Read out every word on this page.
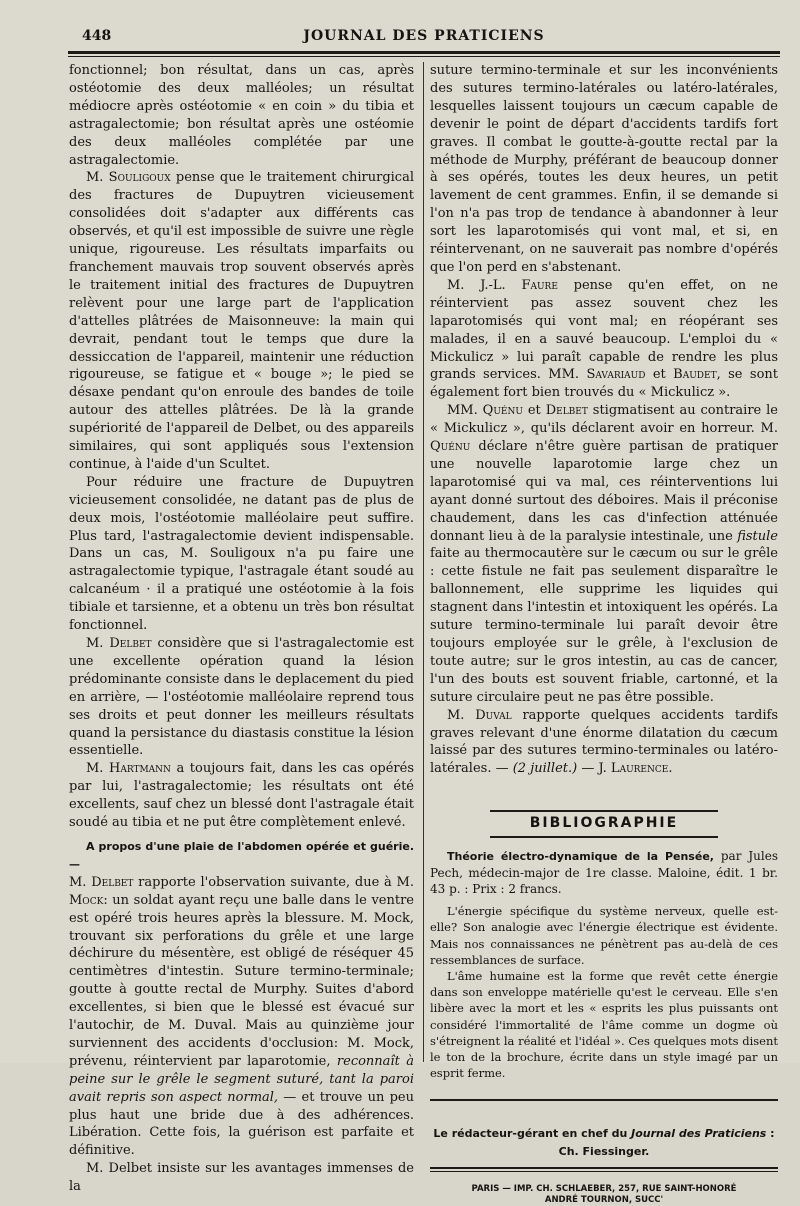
448	JOURNAL DES PRATICIENS

fonctionnel; bon résultat, dans un cas, après ostéotomie des deux malléoles; un résultat médiocre après ostéotomie « en coin » du tibia et astragalectomie; bon résultat après une ostéomie des deux malléoles complétée par une astragalectomie.

M. Souligoux pense que le traitement chirurgical des fractures de Dupuytren vicieusement consolidées doit s'adapter aux différents cas observés, et qu'il est impossible de suivre une règle unique, rigoureuse. Les résultats imparfaits ou franchement mauvais trop souvent observés après le traitement initial des fractures de Dupuytren relèvent pour une large part de l'application d'attelles plâtrées de Maisonneuve: la main qui devrait, pendant tout le temps que dure la dessiccation de l'appareil, maintenir une réduction rigoureuse, se fatigue et « bouge »; le pied se désaxe pendant qu'on enroule des bandes de toile autour des attelles plâtrées. De là la grande supériorité de l'appareil de Delbet, ou des appareils similaires, qui sont appliqués sous l'extension continue, à l'aide d'un Scultet.

Pour réduire une fracture de Dupuytren vicieusement consolidée, ne datant pas de plus de deux mois, l'ostéotomie malléolaire peut suffire. Plus tard, l'astragalectomie devient indispensable. Dans un cas, M. Souligoux n'a pu faire une astragalectomie typique, l'astragale étant soudé au calcanéum · il a pratiqué une ostéotomie à la fois tibiale et tarsienne, et a obtenu un très bon résultat fonctionnel.

M. Delbet considère que si l'astragalectomie est une excellente opération quand la lésion prédominante consiste dans le deplacement du pied en arrière, — l'ostéotomie malléolaire reprend tous ses droits et peut donner les meilleurs résultats quand la persistance du diastasis constitue la lésion essentielle.

M. Hartmann a toujours fait, dans les cas opérés par lui, l'astragalectomie; les résultats ont été excellents, sauf chez un blessé dont l'astragale était soudé au tibia et ne put être complètement enlevé.

A propos d'une plaie de l'abdomen opérée et guérie. —

M. Delbet rapporte l'observation suivante, due à M. Mock: un soldat ayant reçu une balle dans le ventre est opéré trois heures après la blessure. M. Mock, trouvant six perforations du grêle et une large déchirure du mésentère, est obligé de réséquer 45 centimètres d'intestin. Suture termino-terminale; goutte à goutte rectal de Murphy. Suites d'abord excellentes, si bien que le blessé est évacué sur l'autochir, de M. Duval. Mais au quinzième jour surviennent des accidents d'occlusion: M. Mock, prévenu, réintervient par laparotomie, reconnaît à peine sur le grêle le segment suturé, tant la paroi avait repris son aspect normal, — et trouve un peu plus haut une bride due à des adhérences. Libération. Cette fois, la guérison est parfaite et définitive.

M. Delbet insiste sur les avantages immenses de la

suture termino-terminale et sur les inconvénients des sutures termino-latérales ou latéro-latérales, lesquelles laissent toujours un cæcum capable de devenir le point de départ d'accidents tardifs fort graves. Il combat le goutte-à-goutte rectal par la méthode de Murphy, préférant de beaucoup donner à ses opérés, toutes les deux heures, un petit lavement de cent grammes. Enfin, il se demande si l'on n'a pas trop de tendance à abandonner à leur sort les laparotomisés qui vont mal, et si, en réintervenant, on ne sauverait pas nombre d'opérés que l'on perd en s'abstenant.

M. J.-L. Faure pense qu'en effet, on ne réintervient pas assez souvent chez les laparotomisés qui vont mal; en réopérant ses malades, il en a sauvé beaucoup. L'emploi du « Mickulicz » lui paraît capable de rendre les plus grands services. MM. Savariaud et Baudet, se sont également fort bien trouvés du « Mickulicz ».

MM. Quénu et Delbet stigmatisent au contraire le « Mickulicz », qu'ils déclarent avoir en horreur. M. Quénu déclare n'être guère partisan de pratiquer une nouvelle laparotomie large chez un laparotomisé qui va mal, ces réinterventions lui ayant donné surtout des déboires. Mais il préconise chaudement, dans les cas d'infection atténuée donnant lieu à de la paralysie intestinale, une fistule faite au thermocautère sur le cæcum ou sur le grêle : cette fistule ne fait pas seulement disparaître le ballonnement, elle supprime les liquides qui stagnent dans l'intestin et intoxiquent les opérés. La suture termino-terminale lui paraît devoir être toujours employée sur le grêle, à l'exclusion de toute autre; sur le gros intestin, au cas de cancer, l'un des bouts est souvent friable, cartonné, et la suture circulaire peut ne pas être possible.

M. Duval rapporte quelques accidents tardifs graves relevant d'une énorme dilatation du cæcum laissé par des sutures termino-terminales ou latéro-latérales. — (2 juillet.) — J. Laurence.

BIBLIOGRAPHIE

Théorie électro-dynamique de la Pensée, par Jules Pech, médecin-major de 1re classe. Maloine, édit. 1 br. 43 p. : Prix : 2 francs.

L'énergie spécifique du système nerveux, quelle est-elle? Son analogie avec l'énergie électrique est évidente. Mais nos connaissances ne pénètrent pas au-delà de ces ressemblances de surface.

L'âme humaine est la forme que revêt cette énergie dans son enveloppe matérielle qu'est le cerveau. Elle s'en libère avec la mort et les « esprits les plus puissants ont considéré l'immortalité de l'âme comme un dogme où s'étreignent la réalité et l'idéal ». Ces quelques mots disent le ton de la brochure, écrite dans un style imagé par un esprit ferme.

Le rédacteur-gérant en chef du Journal des Praticiens : Ch. Fiessinger.

PARIS — IMP. CH. SCHLAEBER, 257, RUE SAINT-HONORÉ
ANDRÉ TOURNON, SUCC'
